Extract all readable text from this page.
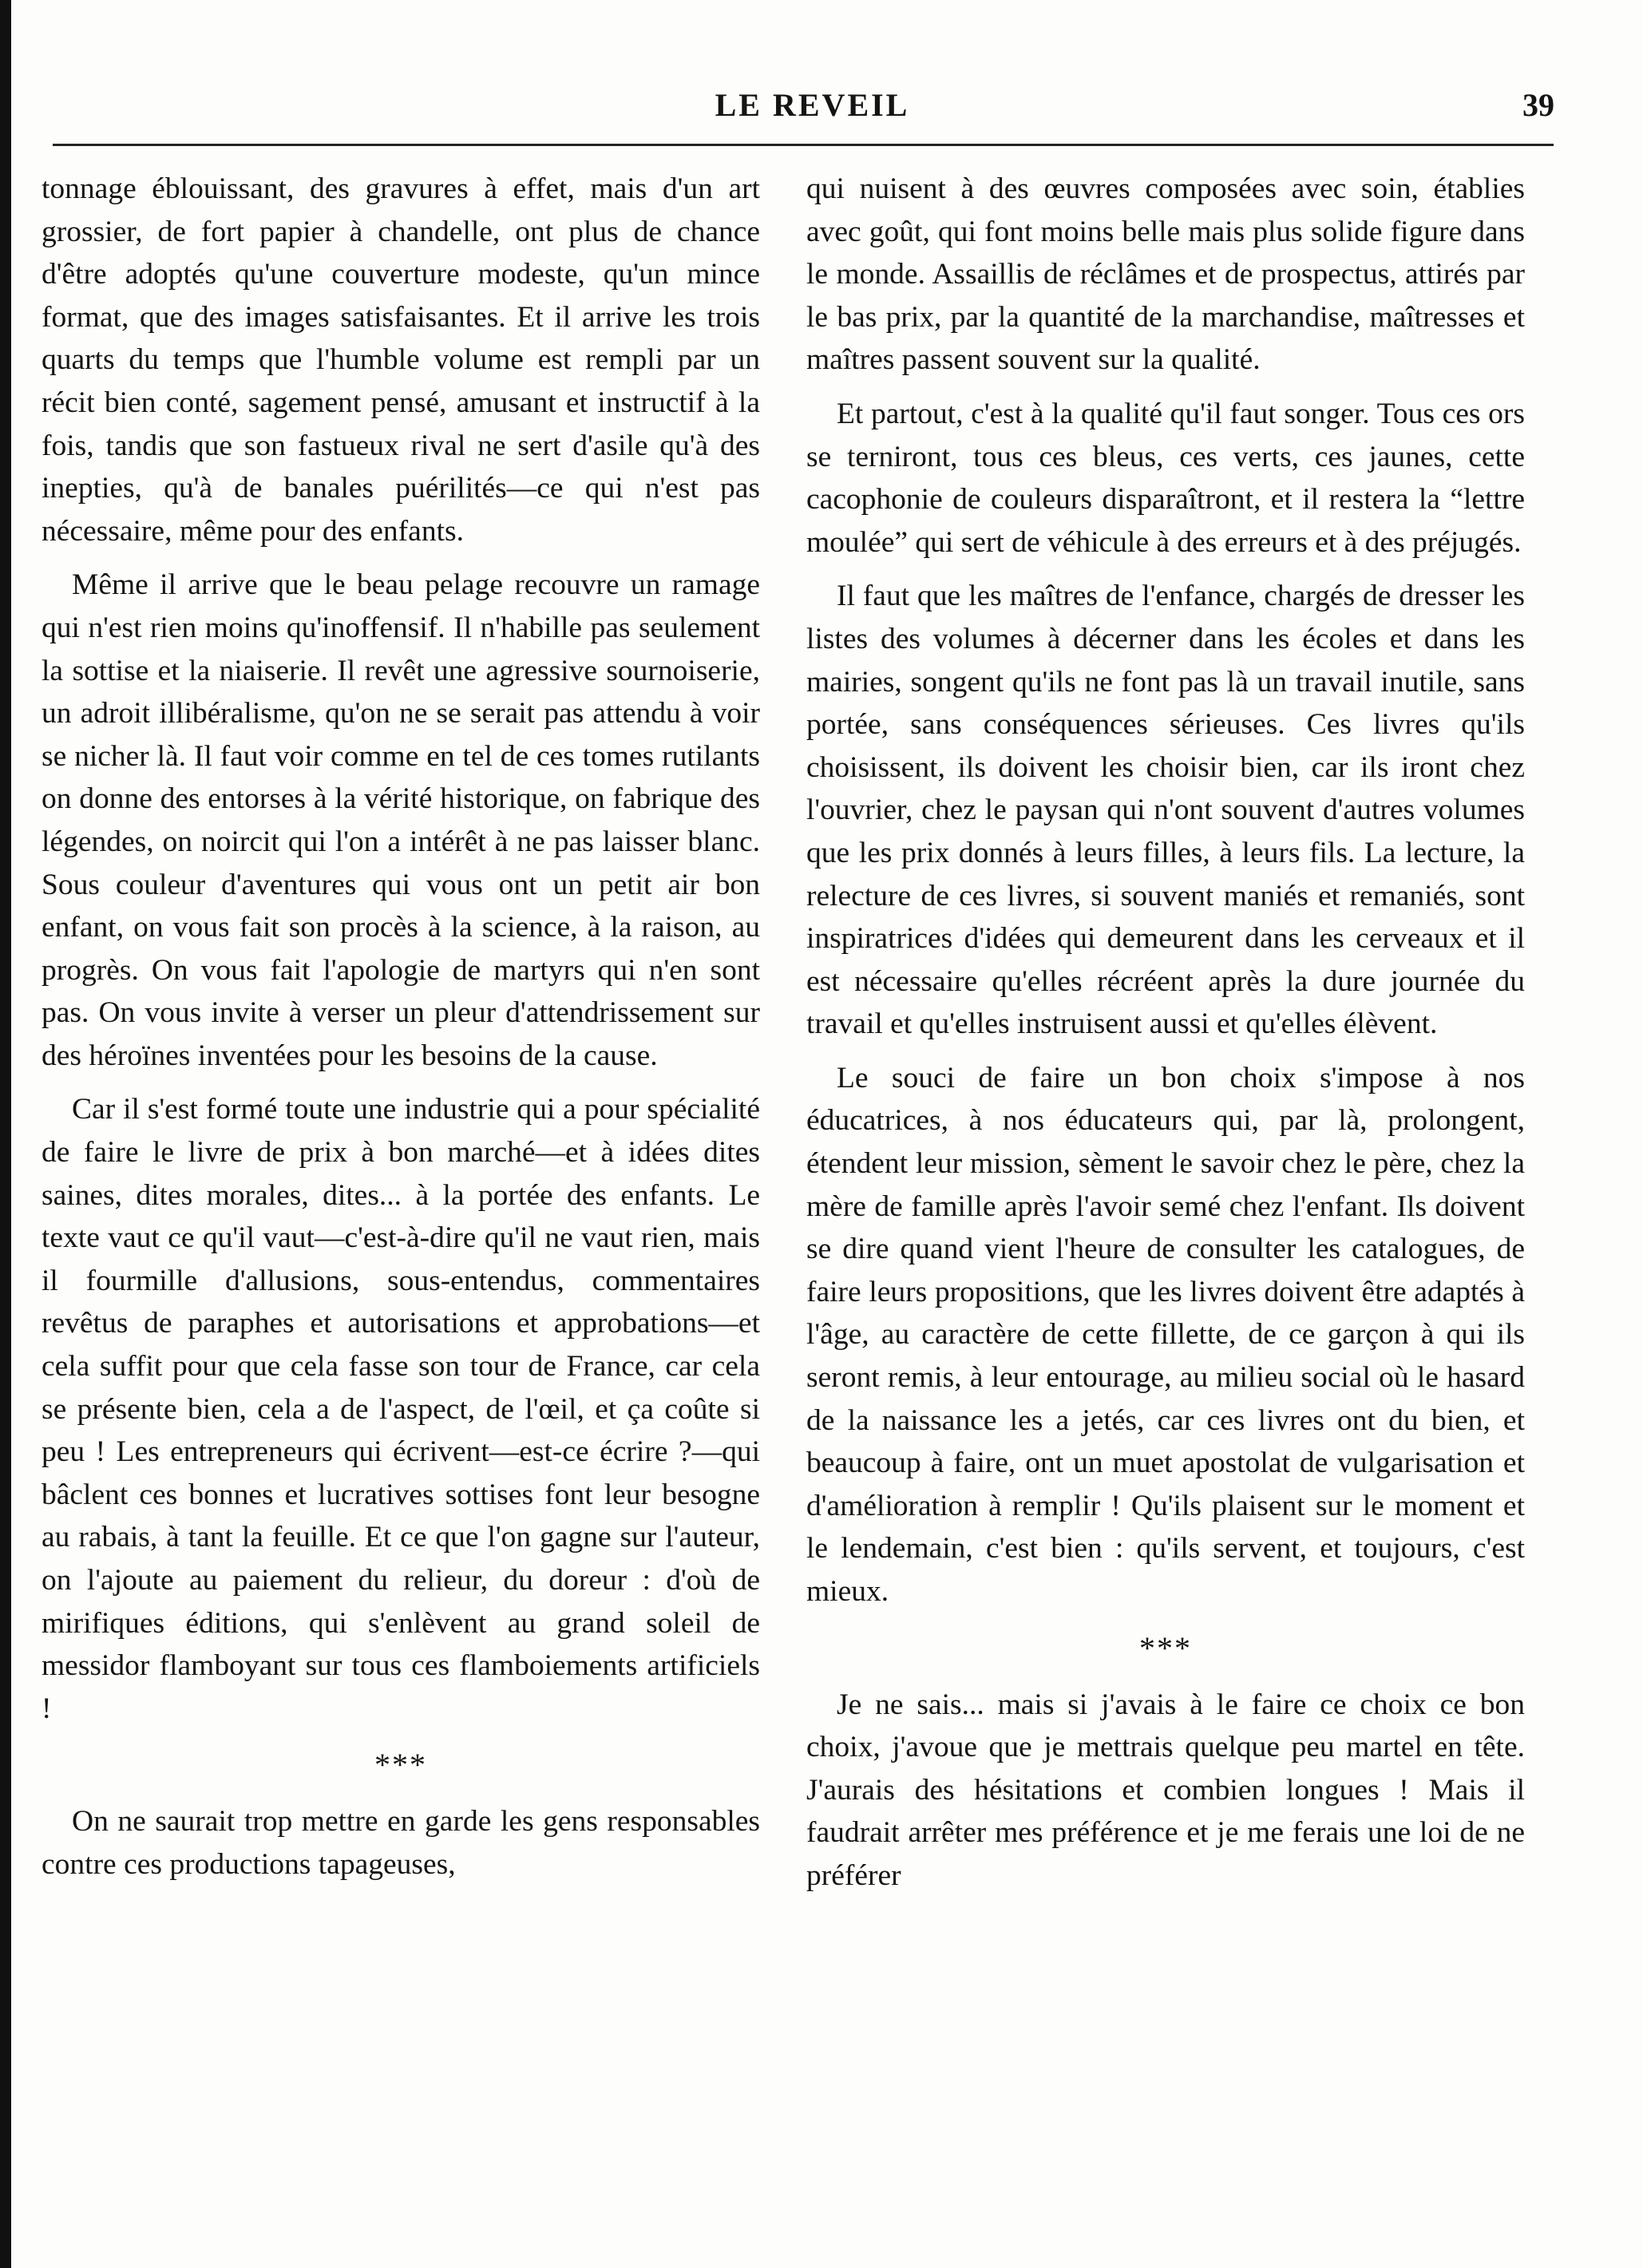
LE REVEIL	39

tonnage éblouissant, des gravures à effet, mais d'un art grossier, de fort papier à chandelle, ont plus de chance d'être adoptés qu'une couverture modeste, qu'un mince format, que des images satisfaisantes. Et il arrive les trois quarts du temps que l'humble volume est rempli par un récit bien conté, sagement pensé, amusant et instructif à la fois, tandis que son fastueux rival ne sert d'asile qu'à des inepties, qu'à de banales puérilités—ce qui n'est pas nécessaire, même pour des enfants.

Même il arrive que le beau pelage recouvre un ramage qui n'est rien moins qu'inoffensif. Il n'habille pas seulement la sottise et la niaiserie. Il revêt une agressive sournoiserie, un adroit illibéralisme, qu'on ne se serait pas attendu à voir se nicher là. Il faut voir comme en tel de ces tomes rutilants on donne des entorses à la vérité historique, on fabrique des légendes, on noircit qui l'on a intérêt à ne pas laisser blanc. Sous couleur d'aventures qui vous ont un petit air bon enfant, on vous fait son procès à la science, à la raison, au progrès. On vous fait l'apologie de martyrs qui n'en sont pas. On vous invite à verser un pleur d'attendrissement sur des héroïnes inventées pour les besoins de la cause.

Car il s'est formé toute une industrie qui a pour spécialité de faire le livre de prix à bon marché—et à idées dites saines, dites morales, dites... à la portée des enfants. Le texte vaut ce qu'il vaut—c'est-à-dire qu'il ne vaut rien, mais il fourmille d'allusions, sous-entendus, commentaires revêtus de paraphes et autorisations et approbations—et cela suffit pour que cela fasse son tour de France, car cela se présente bien, cela a de l'aspect, de l'œil, et ça coûte si peu ! Les entrepreneurs qui écrivent—est-ce écrire ?—qui bâclent ces bonnes et lucratives sottises font leur besogne au rabais, à tant la feuille. Et ce que l'on gagne sur l'auteur, on l'ajoute au paiement du relieur, du doreur : d'où de mirifiques éditions, qui s'enlèvent au grand soleil de messidor flamboyant sur tous ces flamboiements artificiels !

***

On ne saurait trop mettre en garde les gens responsables contre ces productions tapageuses,

qui nuisent à des œuvres composées avec soin, établies avec goût, qui font moins belle mais plus solide figure dans le monde. Assaillis de réclâmes et de prospectus, attirés par le bas prix, par la quantité de la marchandise, maîtresses et maîtres passent souvent sur la qualité.

Et partout, c'est à la qualité qu'il faut songer. Tous ces ors se terniront, tous ces bleus, ces verts, ces jaunes, cette cacophonie de couleurs disparaîtront, et il restera la “lettre moulée” qui sert de véhicule à des erreurs et à des préjugés.

Il faut que les maîtres de l'enfance, chargés de dresser les listes des volumes à décerner dans les écoles et dans les mairies, songent qu'ils ne font pas là un travail inutile, sans portée, sans conséquences sérieuses. Ces livres qu'ils choisissent, ils doivent les choisir bien, car ils iront chez l'ouvrier, chez le paysan qui n'ont souvent d'autres volumes que les prix donnés à leurs filles, à leurs fils. La lecture, la relecture de ces livres, si souvent maniés et remaniés, sont inspiratrices d'idées qui demeurent dans les cerveaux et il est nécessaire qu'elles récréent après la dure journée du travail et qu'elles instruisent aussi et qu'elles élèvent.

Le souci de faire un bon choix s'impose à nos éducatrices, à nos éducateurs qui, par là, prolongent, étendent leur mission, sèment le savoir chez le père, chez la mère de famille après l'avoir semé chez l'enfant. Ils doivent se dire quand vient l'heure de consulter les catalogues, de faire leurs propositions, que les livres doivent être adaptés à l'âge, au caractère de cette fillette, de ce garçon à qui ils seront remis, à leur entourage, au milieu social où le hasard de la naissance les a jetés, car ces livres ont du bien, et beaucoup à faire, ont un muet apostolat de vulgarisation et d'amélioration à remplir ! Qu'ils plaisent sur le moment et le lendemain, c'est bien : qu'ils servent, et toujours, c'est mieux.

***

Je ne sais... mais si j'avais à le faire ce choix ce bon choix, j'avoue que je mettrais quelque peu martel en tête. J'aurais des hésitations et combien longues ! Mais il faudrait arrêter mes préférence et je me ferais une loi de ne préférer
